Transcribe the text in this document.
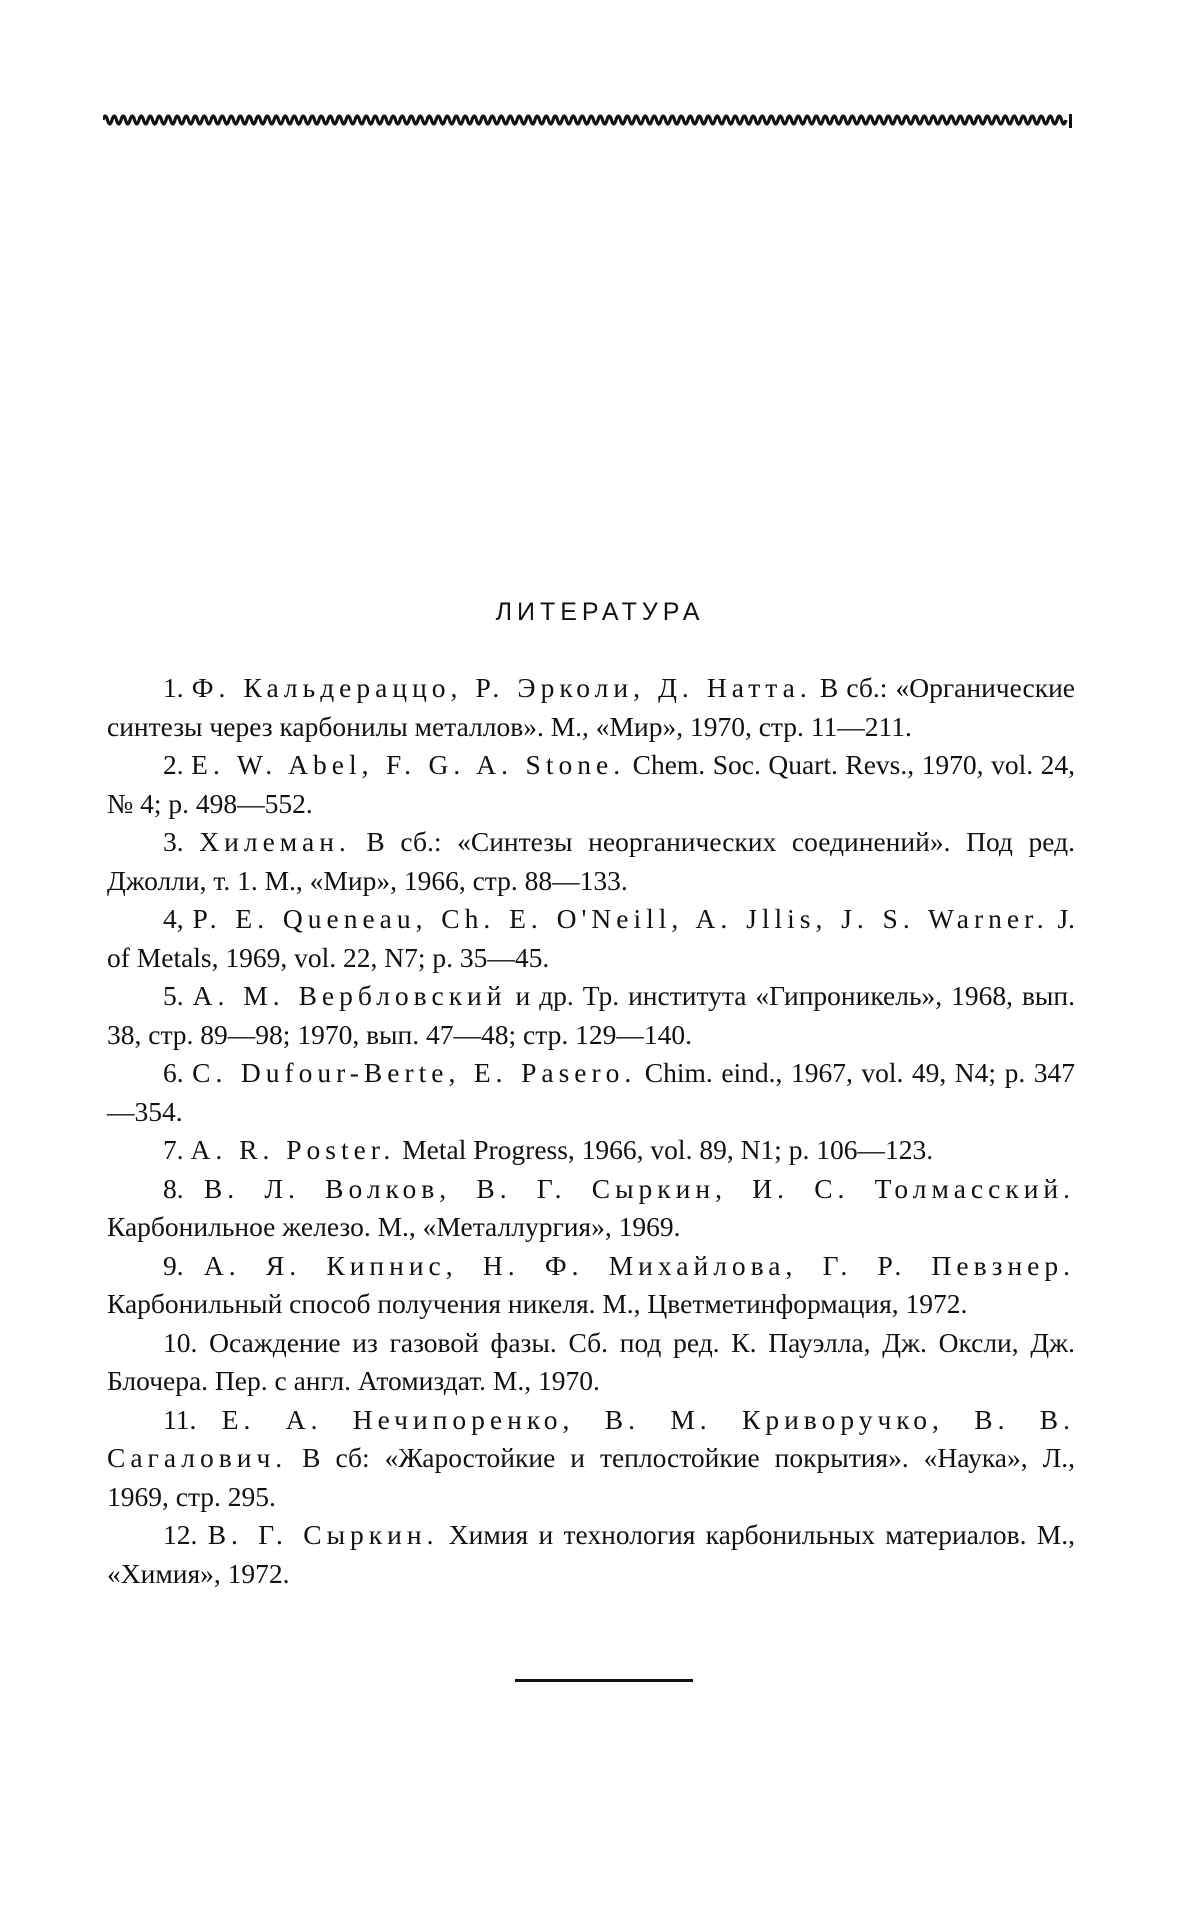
ЛИТЕРАТУРА
1. Ф. Кальдераццо, Р. Эрколи, Д. Натта. В сб.: «Органические синтезы через карбонилы металлов». М., «Мир», 1970, стр. 11—211.
2. E. W. Abel, F. G. A. Stone. Chem. Soc. Quart. Revs., 1970, vol. 24, № 4; p. 498—552.
3. Хилеман. В сб.: «Синтезы неорганических соединений». Под ред. Джолли, т. 1. М., «Мир», 1966, стр. 88—133.
4, P. E. Queneau, Ch. E. O'Neill, A. Jllis, J. S. Warner. J. of Metals, 1969, vol. 22, N7; p. 35—45.
5. А. М. Вербловский и др. Тр. института «Гипроникель», 1968, вып. 38, стр. 89—98; 1970, вып. 47—48; стр. 129—140.
6. C. Dufour-Berte, E. Pasero. Chim. eind., 1967, vol. 49, N4; p. 347—354.
7. A. R. Poster. Metal Progress, 1966, vol. 89, N1; p. 106—123.
8. В. Л. Волков, В. Г. Сыркин, И. С. Толмасский. Карбонильное железо. М., «Металлургия», 1969.
9. А. Я. Кипнис, Н. Ф. Михайлова, Г. Р. Певзнер. Карбонильный способ получения никеля. М., Цветметинформация, 1972.
10. Осаждение из газовой фазы. Сб. под ред. К. Пауэлла, Дж. Оксли, Дж. Блочера. Пер. с англ. Атомиздат. М., 1970.
11. Е. А. Нечипоренко, В. М. Криворучко, В. В. Сагалович. В сб: «Жаростойкие и теплостойкие покрытия». «Наука», Л., 1969, стр. 295.
12. В. Г. Сыркин. Химия и технология карбонильных материалов. М., «Химия», 1972.
